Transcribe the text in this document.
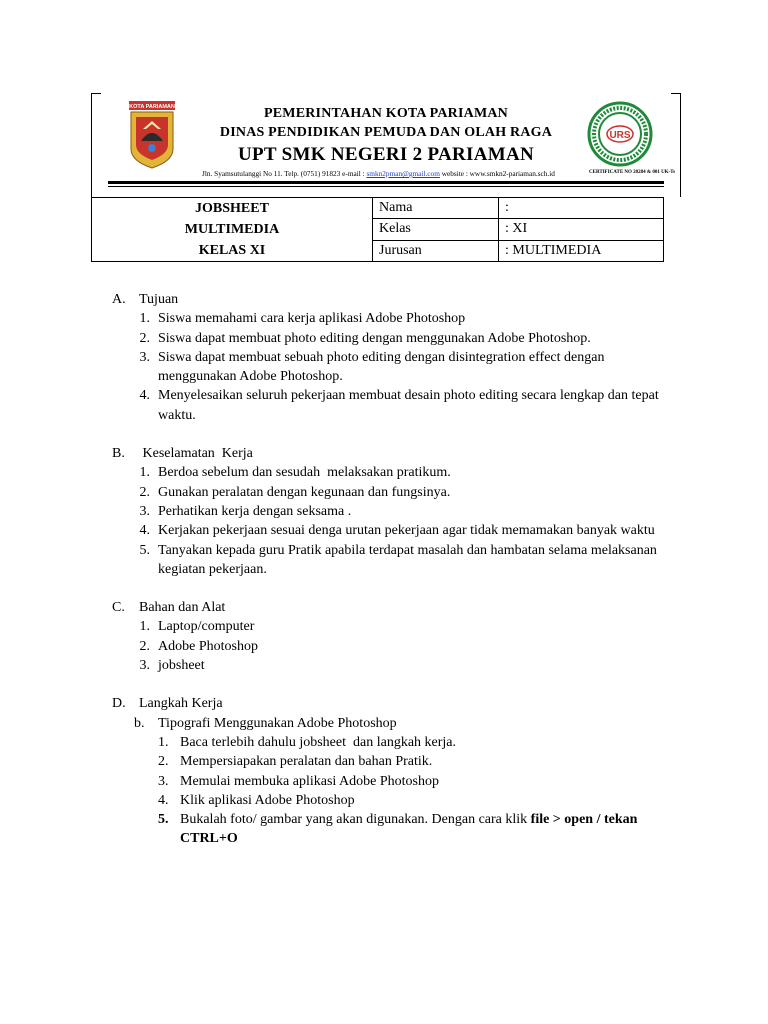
KOTA PARIAMAN	PEMERINTAHAN KOTA PARIAMAN
DINAS PENDIDIKAN PEMUDA DAN OLAH RAGA
UPT SMK NEGERI 2 PARIAMAN
Jln. Syamsutulanggi No 11. Telp. (0751) 91823 e-mail : smkn2pman@gmail.com website : www.smkn2-pariaman.sch.id
URS
CERTIFICATE NO 20284 & 001 UK-Ts
JOBSHEET
MULTIMEDIA
KELAS XI	Nama	:
	Kelas	: XI
	Jurusan	: MULTIMEDIA
A. Tujuan
1. Siswa memahami cara kerja aplikasi Adobe Photoshop
2. Siswa dapat membuat photo editing dengan menggunakan Adobe Photoshop.
3. Siswa dapat membuat sebuah photo editing dengan disintegration effect dengan menggunakan Adobe Photoshop.
4. Menyelesaikan seluruh pekerjaan membuat desain photo editing secara lengkap dan tepat waktu.
B.	Keselamatan  Kerja
1. Berdoa sebelum dan sesudah  melaksakan pratikum.
2. Gunakan peralatan dengan kegunaan dan fungsinya.
3. Perhatikan kerja dengan seksama .
4. Kerjakan pekerjaan sesuai denga urutan pekerjaan agar tidak memamakan banyak waktu
5. Tanyakan kepada guru Pratik apabila terdapat masalah dan hambatan selama melaksanan kegiatan pekerjaan.
C.	Bahan dan Alat
1. Laptop/computer
2. Adobe Photoshop
3. jobsheet
D. Langkah Kerja
b. Tipografi Menggunakan Adobe Photoshop
1. Baca terlebih dahulu jobsheet  dan langkah kerja.
2. Mempersiapakan peralatan dan bahan Pratik.
3. Memulai membuka aplikasi Adobe Photoshop
4. Klik aplikasi Adobe Photoshop
5. Bukalah foto/ gambar yang akan digunakan. Dengan cara klik file > open / tekan CTRL+O
